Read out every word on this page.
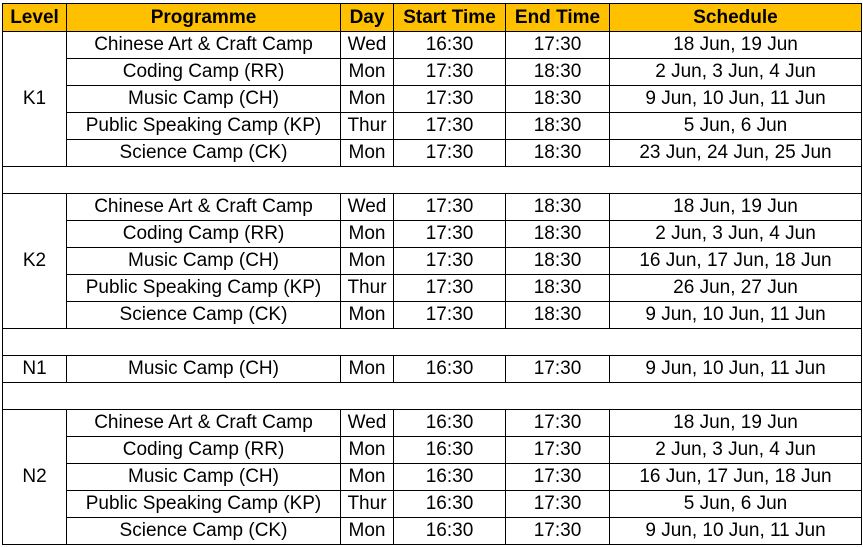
Level	Programme	Day	Start Time	End Time	Schedule
K1	Chinese Art & Craft Camp	Wed	16:30	17:30	18 Jun, 19 Jun
	Coding Camp (RR)	Mon	17:30	18:30	2 Jun, 3 Jun, 4 Jun
	Music Camp (CH)	Mon	17:30	18:30	9 Jun, 10 Jun, 11 Jun
	Public Speaking Camp (KP)	Thur	17:30	18:30	5 Jun, 6 Jun
	Science Camp (CK)	Mon	17:30	18:30	23 Jun, 24 Jun, 25 Jun

K2	Chinese Art & Craft Camp	Wed	17:30	18:30	18 Jun, 19 Jun
	Coding Camp (RR)	Mon	17:30	18:30	2 Jun, 3 Jun, 4 Jun
	Music Camp (CH)	Mon	17:30	18:30	16 Jun, 17 Jun, 18 Jun
	Public Speaking Camp (KP)	Thur	17:30	18:30	26 Jun, 27 Jun
	Science Camp (CK)	Mon	17:30	18:30	9 Jun, 10 Jun, 11 Jun

N1	Music Camp (CH)	Mon	16:30	17:30	9 Jun, 10 Jun, 11 Jun

N2	Chinese Art & Craft Camp	Wed	16:30	17:30	18 Jun, 19 Jun
	Coding Camp (RR)	Mon	16:30	17:30	2 Jun, 3 Jun, 4 Jun
	Music Camp (CH)	Mon	16:30	17:30	16 Jun, 17 Jun, 18 Jun
	Public Speaking Camp (KP)	Thur	16:30	17:30	5 Jun, 6 Jun
	Science Camp (CK)	Mon	16:30	17:30	9 Jun, 10 Jun, 11 Jun
